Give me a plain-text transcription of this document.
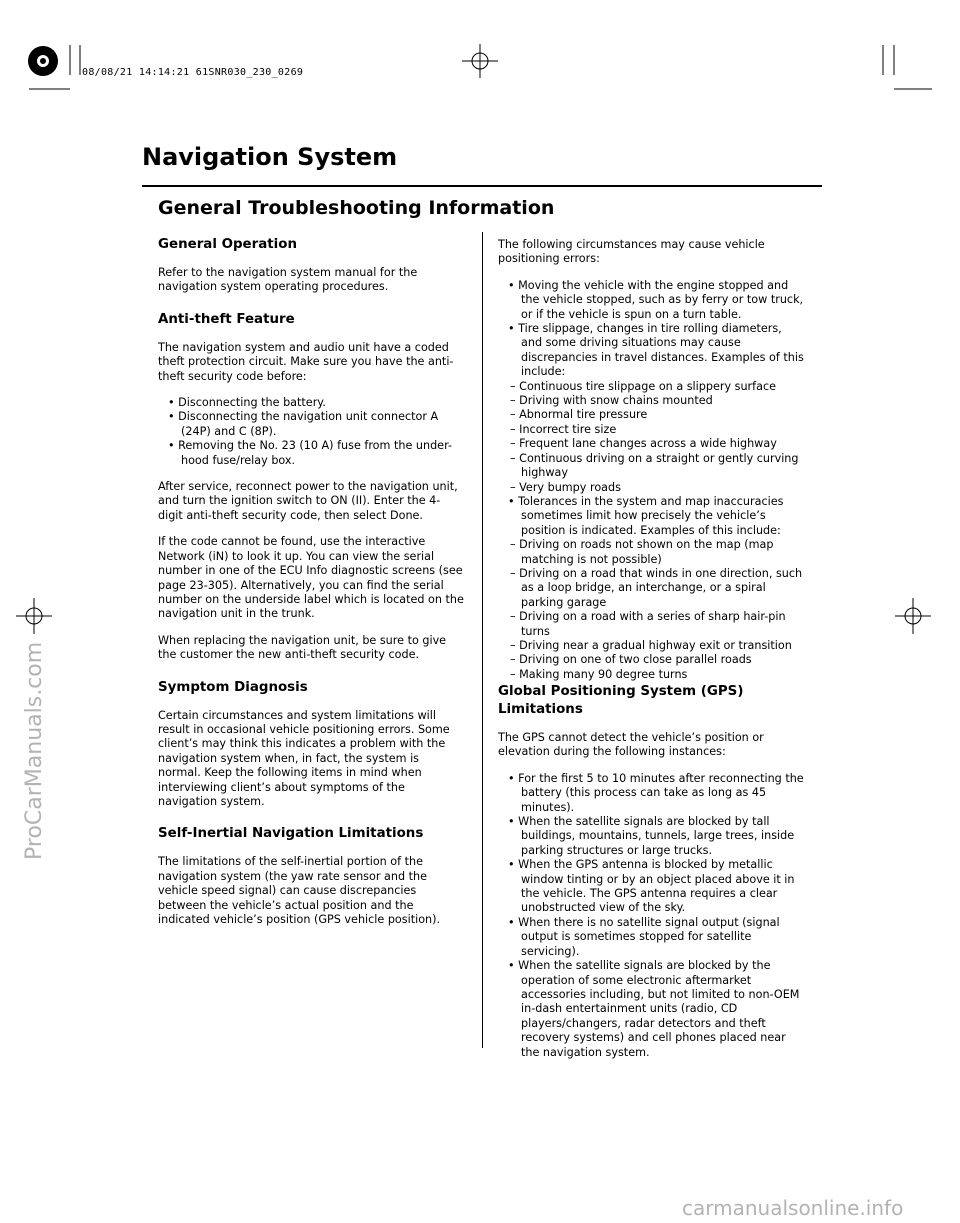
08/08/21 14:14:21 61SNR030_230_0269
ProCarManuals.com
carmanualsonline.info
Navigation System
General Troubleshooting Information
General Operation

Refer to the navigation system manual for the navigation system operating procedures.

Anti-theft Feature

The navigation system and audio unit have a coded theft protection circuit. Make sure you have the anti-theft security code before:

• Disconnecting the battery.
• Disconnecting the navigation unit connector A (24P) and C (8P).
• Removing the No. 23 (10 A) fuse from the under-hood fuse/relay box.

After service, reconnect power to the navigation unit, and turn the ignition switch to ON (II). Enter the 4-digit anti-theft security code, then select Done.

If the code cannot be found, use the interactive Network (iN) to look it up. You can view the serial number in one of the ECU Info diagnostic screens (see page 23-305). Alternatively, you can find the serial number on the underside label which is located on the navigation unit in the trunk.

When replacing the navigation unit, be sure to give the customer the new anti-theft security code.

Symptom Diagnosis

Certain circumstances and system limitations will result in occasional vehicle positioning errors. Some client’s may think this indicates a problem with the navigation system when, in fact, the system is normal. Keep the following items in mind when interviewing client’s about symptoms of the navigation system.

Self-Inertial Navigation Limitations

The limitations of the self-inertial portion of the navigation system (the yaw rate sensor and the vehicle speed signal) can cause discrepancies between the vehicle’s actual position and the indicated vehicle’s position (GPS vehicle position).

The following circumstances may cause vehicle positioning errors:

• Moving the vehicle with the engine stopped and the vehicle stopped, such as by ferry or tow truck, or if the vehicle is spun on a turn table.
• Tire slippage, changes in tire rolling diameters, and some driving situations may cause discrepancies in travel distances. Examples of this include:
– Continuous tire slippage on a slippery surface
– Driving with snow chains mounted
– Abnormal tire pressure
– Incorrect tire size
– Frequent lane changes across a wide highway
– Continuous driving on a straight or gently curving highway
– Very bumpy roads
• Tolerances in the system and map inaccuracies sometimes limit how precisely the vehicle’s position is indicated. Examples of this include:
– Driving on roads not shown on the map (map matching is not possible)
– Driving on a road that winds in one direction, such as a loop bridge, an interchange, or a spiral parking garage
– Driving on a road with a series of sharp hair-pin turns
– Driving near a gradual highway exit or transition
– Driving on one of two close parallel roads
– Making many 90 degree turns
Global Positioning System (GPS) Limitations

The GPS cannot detect the vehicle’s position or elevation during the following instances:

• For the first 5 to 10 minutes after reconnecting the battery (this process can take as long as 45 minutes).
• When the satellite signals are blocked by tall buildings, mountains, tunnels, large trees, inside parking structures or large trucks.
• When the GPS antenna is blocked by metallic window tinting or by an object placed above it in the vehicle. The GPS antenna requires a clear unobstructed view of the sky.
• When there is no satellite signal output (signal output is sometimes stopped for satellite servicing).
• When the satellite signals are blocked by the operation of some electronic aftermarket accessories including, but not limited to non-OEM in-dash entertainment units (radio, CD players/changers, radar detectors and theft recovery systems) and cell phones placed near the navigation system.
